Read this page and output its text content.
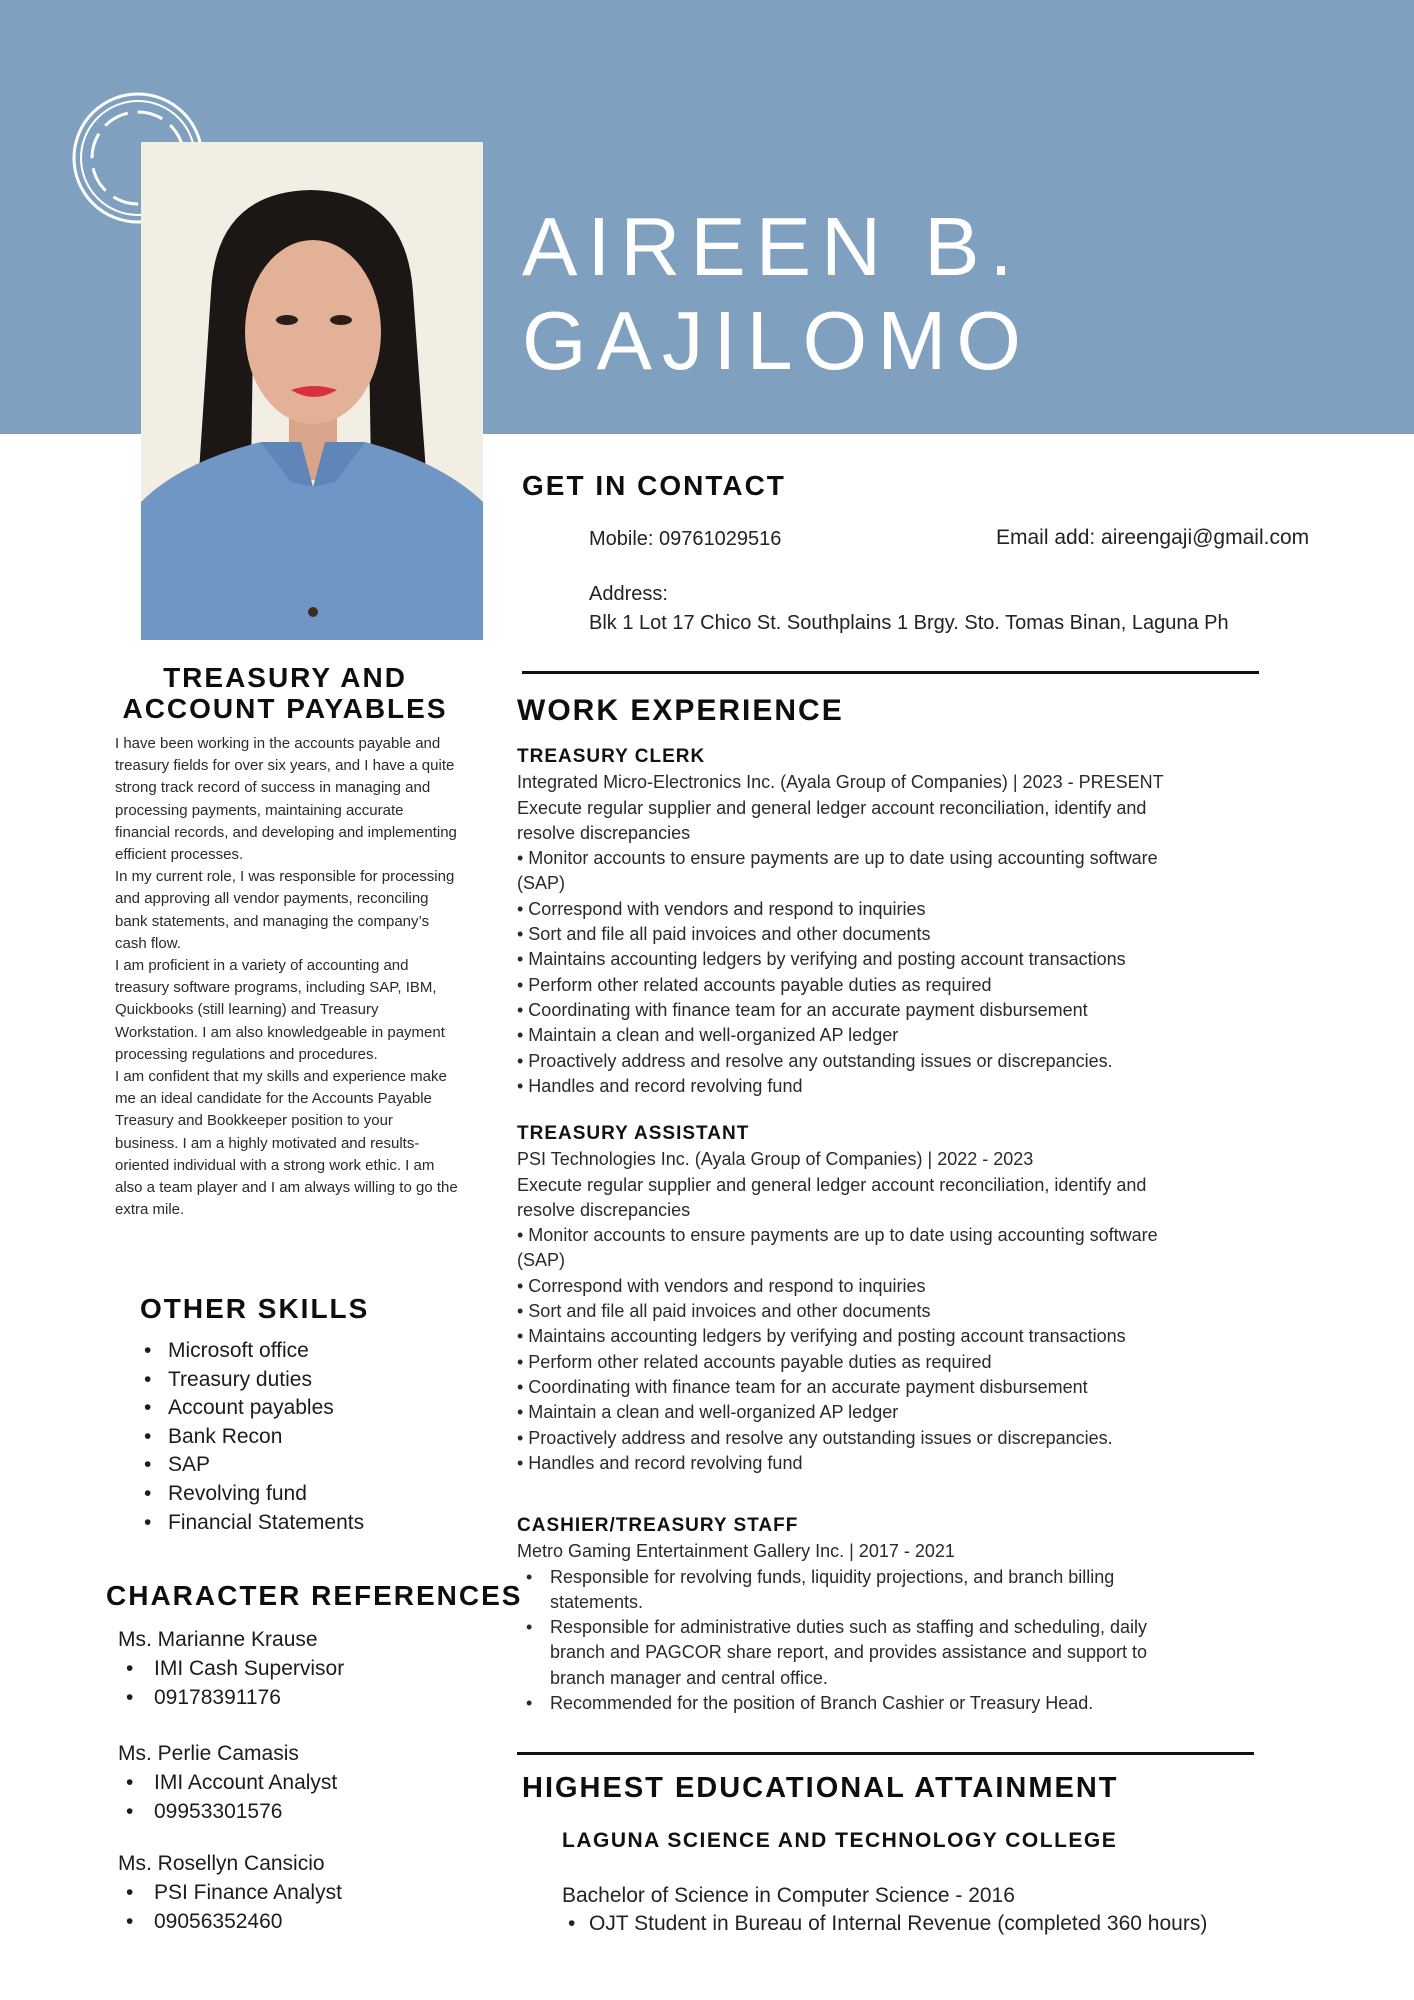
AIREEN B.
GAJILOMO
GET IN CONTACT
Mobile: 09761029516	Email add: aireengaji@gmail.com
Address:
Blk 1 Lot 17 Chico St. Southplains 1 Brgy. Sto. Tomas Binan, Laguna Ph
TREASURY AND
ACCOUNT PAYABLES

I have been working in the accounts payable and treasury fields for over six years, and I have a quite strong track record of success in managing and processing payments, maintaining accurate financial records, and developing and implementing efficient processes.

In my current role, I was responsible for processing and approving all vendor payments, reconciling bank statements, and managing the company’s cash flow.

I am proficient in a variety of accounting and treasury software programs, including SAP, IBM, Quickbooks (still learning) and Treasury Workstation. I am also knowledgeable in payment processing regulations and procedures.

I am confident that my skills and experience make me an ideal candidate for the Accounts Payable Treasury and Bookkeeper position to your business. I am a highly motivated and results-oriented individual with a strong work ethic. I am also a team player and I am always willing to go the extra mile.

OTHER SKILLS
• Microsoft office
• Treasury duties
• Account payables
• Bank Recon
• SAP
• Revolving fund
• Financial Statements
CHARACTER REFERENCES
Ms. Marianne Krause
• IMI Cash Supervisor
• 09178391176
Ms. Perlie Camasis
• IMI Account Analyst
• 09953301576
Ms. Rosellyn Cansicio
• PSI Finance Analyst
• 09056352460
WORK EXPERIENCE
TREASURY CLERK
Integrated Micro-Electronics Inc. (Ayala Group of Companies) | 2023 - PRESENT
Execute regular supplier and general ledger account reconciliation, identify and
resolve discrepancies
• Monitor accounts to ensure payments are up to date using accounting software
(SAP)
• Correspond with vendors and respond to inquiries
• Sort and file all paid invoices and other documents
• Maintains accounting ledgers by verifying and posting account transactions
• Perform other related accounts payable duties as required
• Coordinating with finance team for an accurate payment disbursement
• Maintain a clean and well-organized AP ledger
• Proactively address and resolve any outstanding issues or discrepancies.
• Handles and record revolving fund
TREASURY ASSISTANT
PSI Technologies Inc. (Ayala Group of Companies) | 2022 - 2023
Execute regular supplier and general ledger account reconciliation, identify and
resolve discrepancies
• Monitor accounts to ensure payments are up to date using accounting software
(SAP)
• Correspond with vendors and respond to inquiries
• Sort and file all paid invoices and other documents
• Maintains accounting ledgers by verifying and posting account transactions
• Perform other related accounts payable duties as required
• Coordinating with finance team for an accurate payment disbursement
• Maintain a clean and well-organized AP ledger
• Proactively address and resolve any outstanding issues or discrepancies.
• Handles and record revolving fund
CASHIER/TREASURY STAFF
Metro Gaming Entertainment Gallery Inc. | 2017 - 2021
• Responsible for revolving funds, liquidity projections, and branch billing statements.
• Responsible for administrative duties such as staffing and scheduling, daily branch and PAGCOR share report, and provides assistance and support to branch manager and central office.
• Recommended for the position of Branch Cashier or Treasury Head.
HIGHEST EDUCATIONAL ATTAINMENT
LAGUNA SCIENCE AND TECHNOLOGY COLLEGE
Bachelor of Science in Computer Science - 2016
• OJT Student in Bureau of Internal Revenue (completed 360 hours)
